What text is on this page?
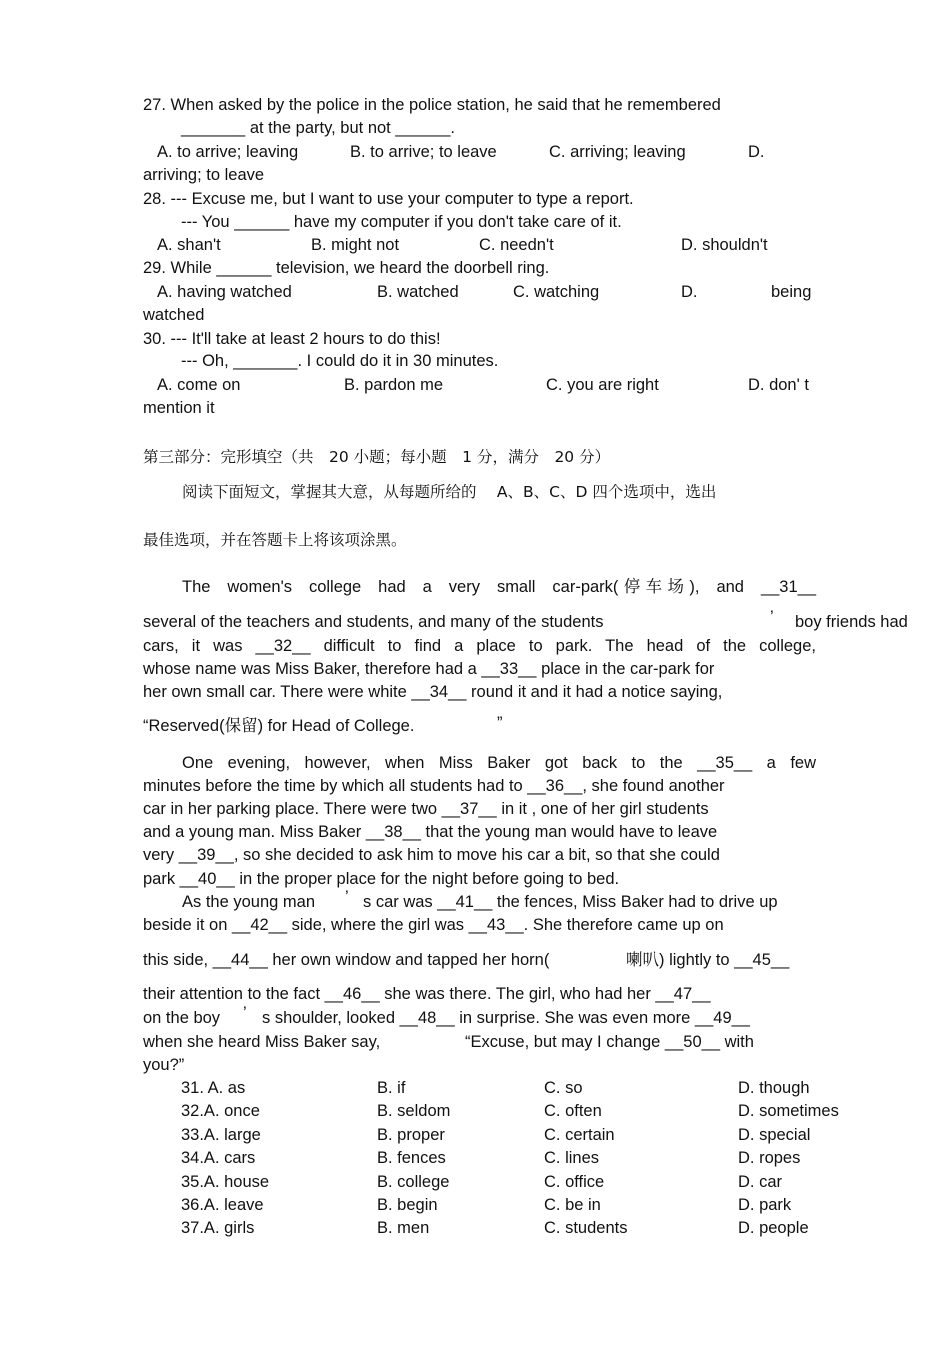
27. When asked by the police in the police station, he said that he remembered
_______ at the party, but not ______.
A. to arrive; leaving	B. to arrive; to leave	C. arriving; leaving	D.
arriving; to leave
28. --- Excuse me, but I want to use your computer to type a report.
--- You ______ have my computer if you don't take care of it.
A. shan't	B. might not	C. needn't	D. shouldn't
29. While ______ television, we heard the doorbell ring.
A. having watched	B. watched	C. watching	D.	being
watched
30. --- It'll take at least 2 hours to do this!
--- Oh, _______. I could do it in 30 minutes.
A. come on	B. pardon me	C. you are right	D. don' t
mention it
第三部分：完形填空（共　20 小题；每小题　1 分，满分　20 分）
阅读下面短文，掌握其大意，从每题所给的　 A、B、C、D 四个选项中，选出
最佳选项，并在答题卡上将该项涂黑。
The women's college had a very small car-park(停车场), and __31__
several of the teachers and students, and many of the students	’ boy friends had
cars, it was __32__ difficult to find a place to park. The head of the college,
whose name was Miss Baker, therefore had a __33__ place in the car-park for
her own small car. There were white __34__ round it and it had a notice saying,
“Reserved(保留) for Head of College.	”
One evening, however, when Miss Baker got back to the __35__ a few
minutes before the time by which all students had to __36__, she found another
car in her parking place. There were two __37__ in it , one of her girl students
and a young man. Miss Baker __38__ that the young man would have to leave
very __39__, so she decided to ask him to move his car a bit, so that she could
park __40__ in the proper place for the night before going to bed.
As the young man ’ s car was __41__ the fences, Miss Baker had to drive up
beside it on __42__ side, where the girl was __43__. She therefore came up on
this side, __44__ her own window and tapped her horn(	喇叭) lightly to __45__
their attention to the fact __46__ she was there. The girl, who had her __47__
on the boy ’ s shoulder, looked __48__ in surprise. She was even more __49__
when she heard Miss Baker say,	“Excuse, but may I change __50__ with
you?”
31. A. as	B. if	C. so	D. though
32.A. once	B. seldom	C. often	D. sometimes
33.A. large	B. proper	C. certain	D. special
34.A. cars	B. fences	C. lines	D. ropes
35.A. house	B. college	C. office	D. car
36.A. leave	B. begin	C. be in	D. park
37.A. girls	B. men	C. students	D. people
